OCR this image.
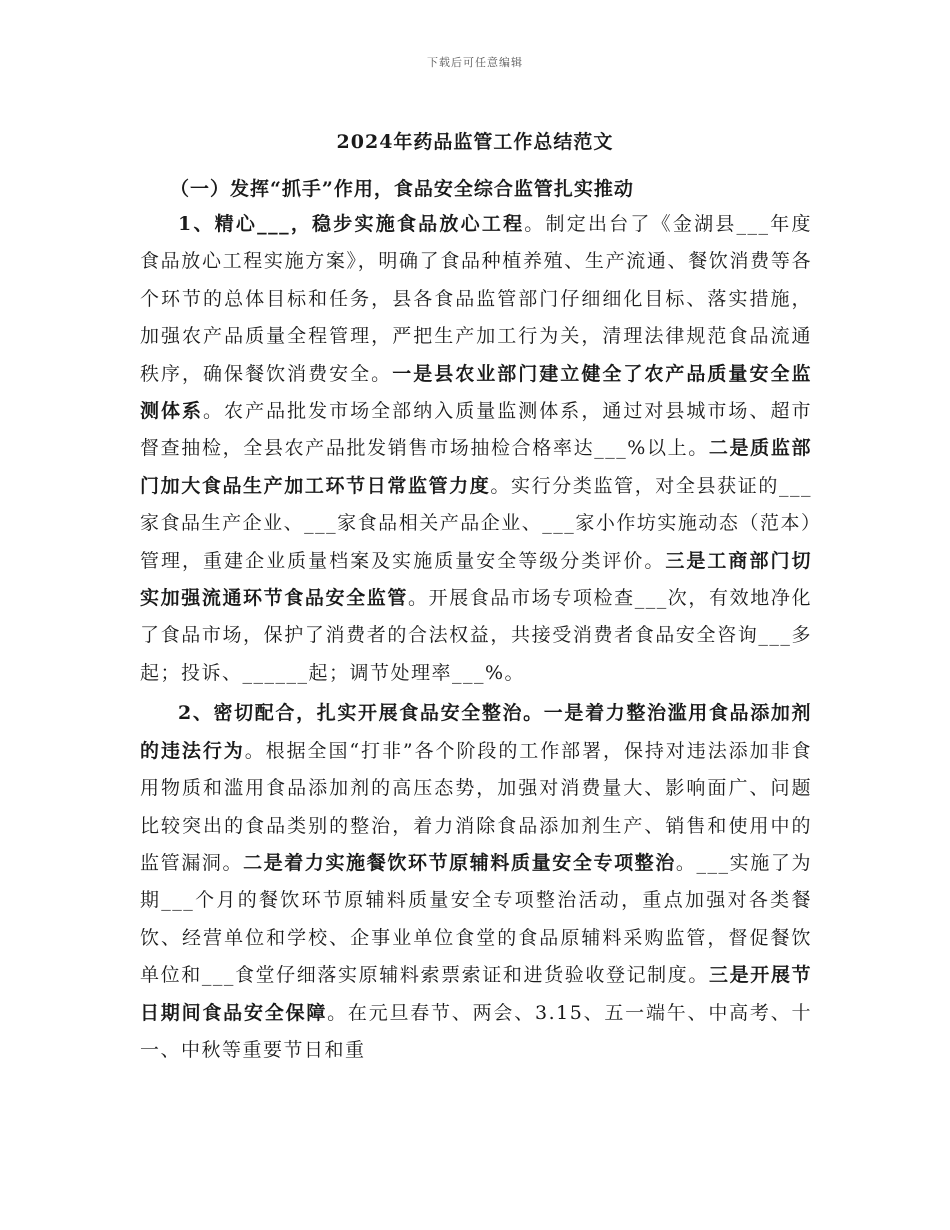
下载后可任意编辑
2024年药品监管工作总结范文
（一）发挥“抓手”作用，食品安全综合监管扎实推动

1、精心___，稳步实施食品放心工程。制定出台了《金湖县___年度食品放心工程实施方案》，明确了食品种植养殖、生产流通、餐饮消费等各个环节的总体目标和任务，县各食品监管部门仔细细化目标、落实措施，加强农产品质量全程管理，严把生产加工行为关，清理法律规范食品流通秩序，确保餐饮消费安全。一是县农业部门建立健全了农产品质量安全监测体系。农产品批发市场全部纳入质量监测体系，通过对县城市场、超市督查抽检，全县农产品批发销售市场抽检合格率达___%以上。二是质监部门加大食品生产加工环节日常监管力度。实行分类监管，对全县获证的___家食品生产企业、___家食品相关产品企业、___家小作坊实施动态（范本）管理，重建企业质量档案及实施质量安全等级分类评价。三是工商部门切实加强流通环节食品安全监管。开展食品市场专项检查___次，有效地净化了食品市场，保护了消费者的合法权益，共接受消费者食品安全咨询___多起；投诉、______起；调节处理率___%。

2、密切配合，扎实开展食品安全整治。一是着力整治滥用食品添加剂的违法行为。根据全国“打非”各个阶段的工作部署，保持对违法添加非食用物质和滥用食品添加剂的高压态势，加强对消费量大、影响面广、问题比较突出的食品类别的整治，着力消除食品添加剂生产、销售和使用中的监管漏洞。二是着力实施餐饮环节原辅料质量安全专项整治。___实施了为期___个月的餐饮环节原辅料质量安全专项整治活动，重点加强对各类餐饮、经营单位和学校、企事业单位食堂的食品原辅料采购监管，督促餐饮单位和___食堂仔细落实原辅料索票索证和进货验收登记制度。三是开展节日期间食品安全保障。在元旦春节、两会、3.15、五一端午、中高考、十一、中秋等重要节日和重
